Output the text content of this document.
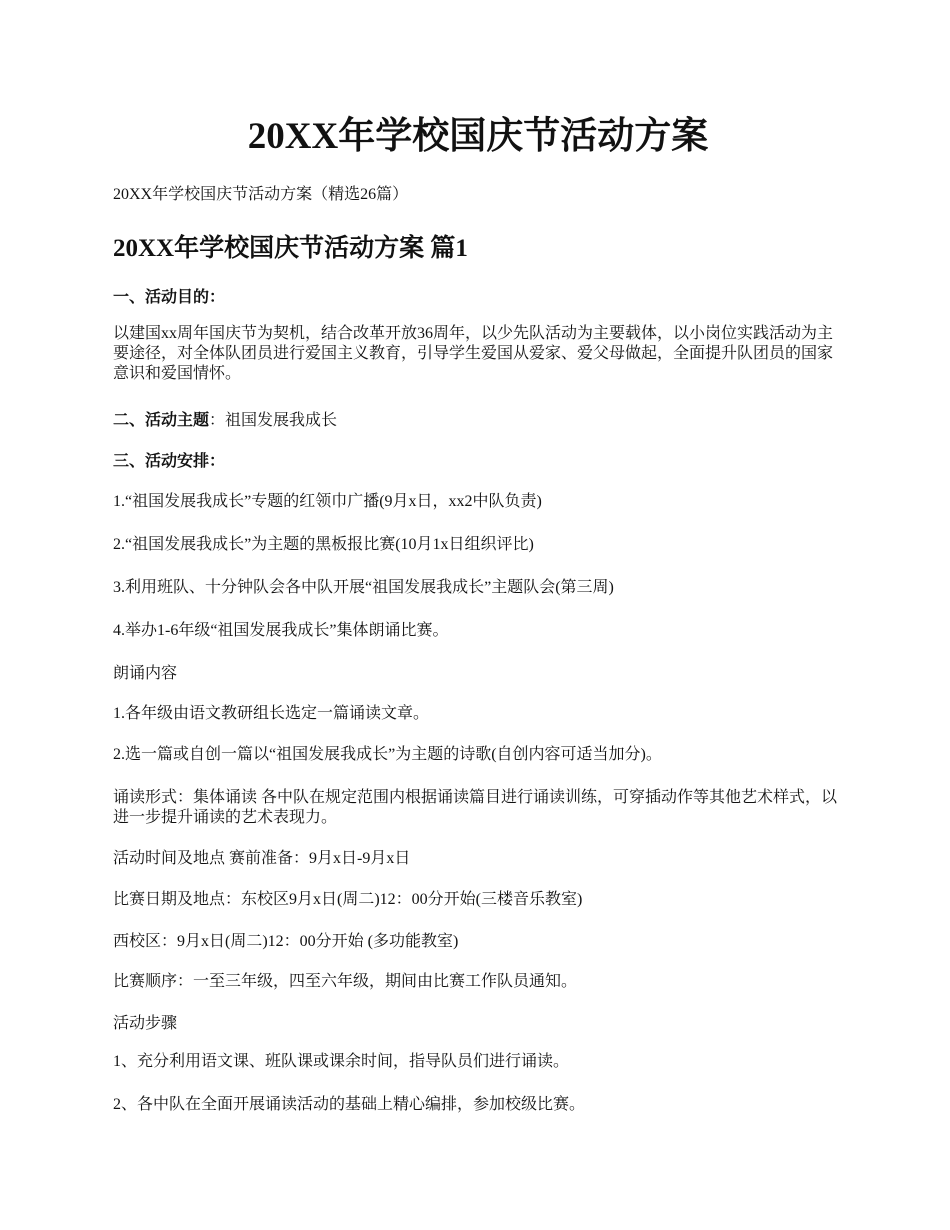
20XX年学校国庆节活动方案

20XX年学校国庆节活动方案（精选26篇）

20XX年学校国庆节活动方案 篇1

一、活动目的：

以建国xx周年国庆节为契机，结合改革开放36周年，以少先队活动为主要载体，以小岗位实践活动为主要途径，对全体队团员进行爱国主义教育，引导学生爱国从爱家、爱父母做起，全面提升队团员的国家意识和爱国情怀。

二、活动主题：祖国发展我成长

三、活动安排：

1.“祖国发展我成长”专题的红领巾广播(9月x日，xx2中队负责)

2.“祖国发展我成长”为主题的黑板报比赛(10月1x日组织评比)

3.利用班队、十分钟队会各中队开展“祖国发展我成长”主题队会(第三周)

4.举办1-6年级“祖国发展我成长”集体朗诵比赛。

朗诵内容

1.各年级由语文教研组长选定一篇诵读文章。

2.选一篇或自创一篇以“祖国发展我成长”为主题的诗歌(自创内容可适当加分)。

诵读形式：集体诵读 各中队在规定范围内根据诵读篇目进行诵读训练，可穿插动作等其他艺术样式，以进一步提升诵读的艺术表现力。

活动时间及地点 赛前准备：9月x日-9月x日

比赛日期及地点：东校区9月x日(周二)12：00分开始(三楼音乐教室)

西校区：9月x日(周二)12：00分开始 (多功能教室)

比赛顺序：一至三年级，四至六年级，期间由比赛工作队员通知。

活动步骤

1、充分利用语文课、班队课或课余时间，指导队员们进行诵读。

2、各中队在全面开展诵读活动的基础上精心编排，参加校级比赛。
